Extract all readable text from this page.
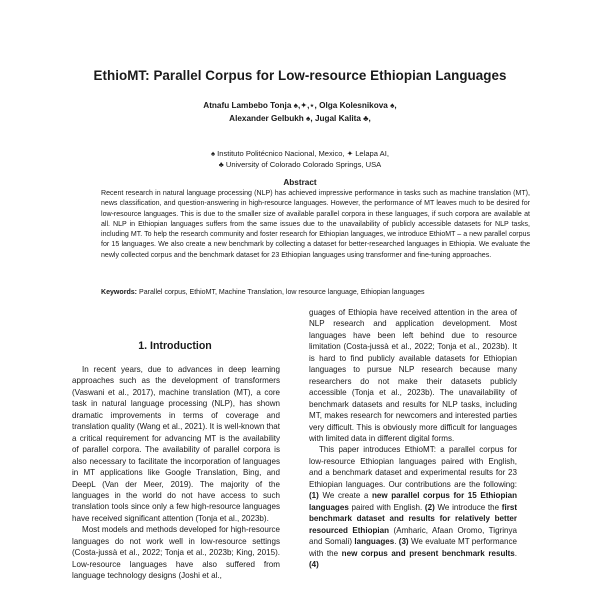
EthioMT: Parallel Corpus for Low-resource Ethiopian Languages
Atnafu Lambebo Tonja ♠,✦,⋆, Olga Kolesnikova ♠,
Alexander Gelbukh ♠, Jugal Kalita ♣,
♠ Instituto Politécnico Nacional, Mexico, ✦ Lelapa AI,
♣ University of Colorado Colorado Springs, USA
Abstract
Recent research in natural language processing (NLP) has achieved impressive performance in tasks such as machine translation (MT), news classification, and question-answering in high-resource languages. However, the performance of MT leaves much to be desired for low-resource languages. This is due to the smaller size of available parallel corpora in these languages, if such corpora are available at all. NLP in Ethiopian languages suffers from the same issues due to the unavailability of publicly accessible datasets for NLP tasks, including MT. To help the research community and foster research for Ethiopian languages, we introduce EthioMT – a new parallel corpus for 15 languages. We also create a new benchmark by collecting a dataset for better-researched languages in Ethiopia. We evaluate the newly collected corpus and the benchmark dataset for 23 Ethiopian languages using transformer and fine-tuning approaches.
Keywords: Parallel corpus, EthioMT, Machine Translation, low resource language, Ethiopian languages
1. Introduction

In recent years, due to advances in deep learning approaches such as the development of transformers (Vaswani et al., 2017), machine translation (MT), a core task in natural language processing (NLP), has shown dramatic improvements in terms of coverage and translation quality (Wang et al., 2021). It is well-known that a critical requirement for advancing MT is the availability of parallel corpora. The availability of parallel corpora is also necessary to facilitate the incorporation of languages in MT applications like Google Translation, Bing, and DeepL (Van der Meer, 2019). The majority of the languages in the world do not have access to such translation tools since only a few high-resource languages have received significant attention (Tonja et al., 2023b).

Most models and methods developed for high-resource languages do not work well in low-resource settings (Costa-jussà et al., 2022; Tonja et al., 2023b; King, 2015). Low-resource languages have also suffered from language technology designs (Joshi et al.,

guages of Ethiopia have received attention in the area of NLP research and application development. Most languages have been left behind due to resource limitation (Costa-jussà et al., 2022; Tonja et al., 2023b). It is hard to find publicly available datasets for Ethiopian languages to pursue NLP research because many researchers do not make their datasets publicly accessible (Tonja et al., 2023b). The unavailability of benchmark datasets and results for NLP tasks, including MT, makes research for newcomers and interested parties very difficult. This is obviously more difficult for languages with limited data in different digital forms.

This paper introduces EthioMT: a parallel corpus for low-resource Ethiopian languages paired with English, and a benchmark dataset and experimental results for 23 Ethiopian languages. Our contributions are the following: (1) We create a new parallel corpus for 15 Ethiopian languages paired with English. (2) We introduce the first benchmark dataset and results for relatively better resourced Ethiopian (Amharic, Afaan Oromo, Tigrinya and Somali) languages. (3) We evaluate MT performance with the new corpus and present benchmark results. (4)
